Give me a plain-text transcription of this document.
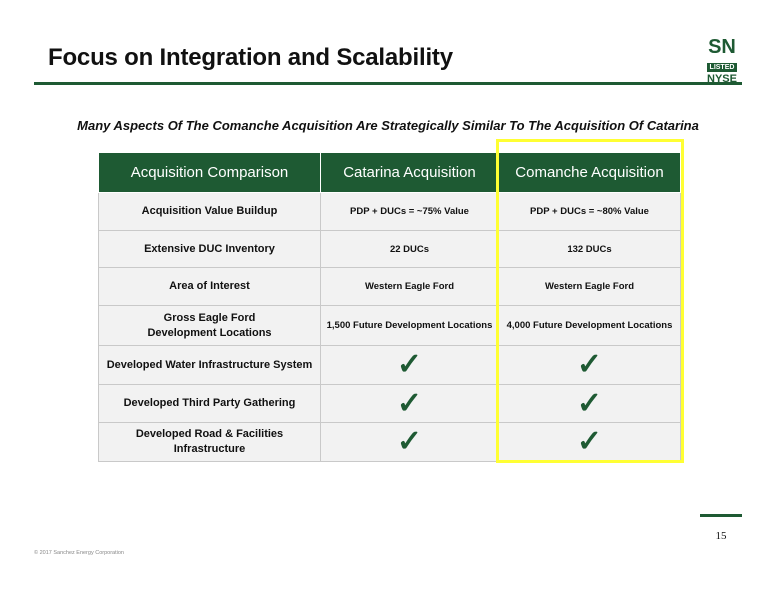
Focus on Integration and Scalability	SN
LISTED
NYSE
Many Aspects Of The Comanche Acquisition Are Strategically Similar To The Acquisition Of Catarina
Acquisition Comparison	Catarina Acquisition	Comanche Acquisition

Acquisition Value Buildup	PDP + DUCs = ~75% Value	PDP + DUCs = ~80% Value

Extensive DUC Inventory	22 DUCs	132 DUCs

Area of Interest	Western Eagle Ford	Western Eagle Ford

Gross Eagle Ford
Development Locations	1,500 Future Development Locations	4,000 Future Development Locations

Developed Water Infrastructure System	✓	✓

Developed Third Party Gathering	✓	✓

Developed Road & Facilities
Infrastructure	✓	✓
15
© 2017 Sanchez Energy Corporation
